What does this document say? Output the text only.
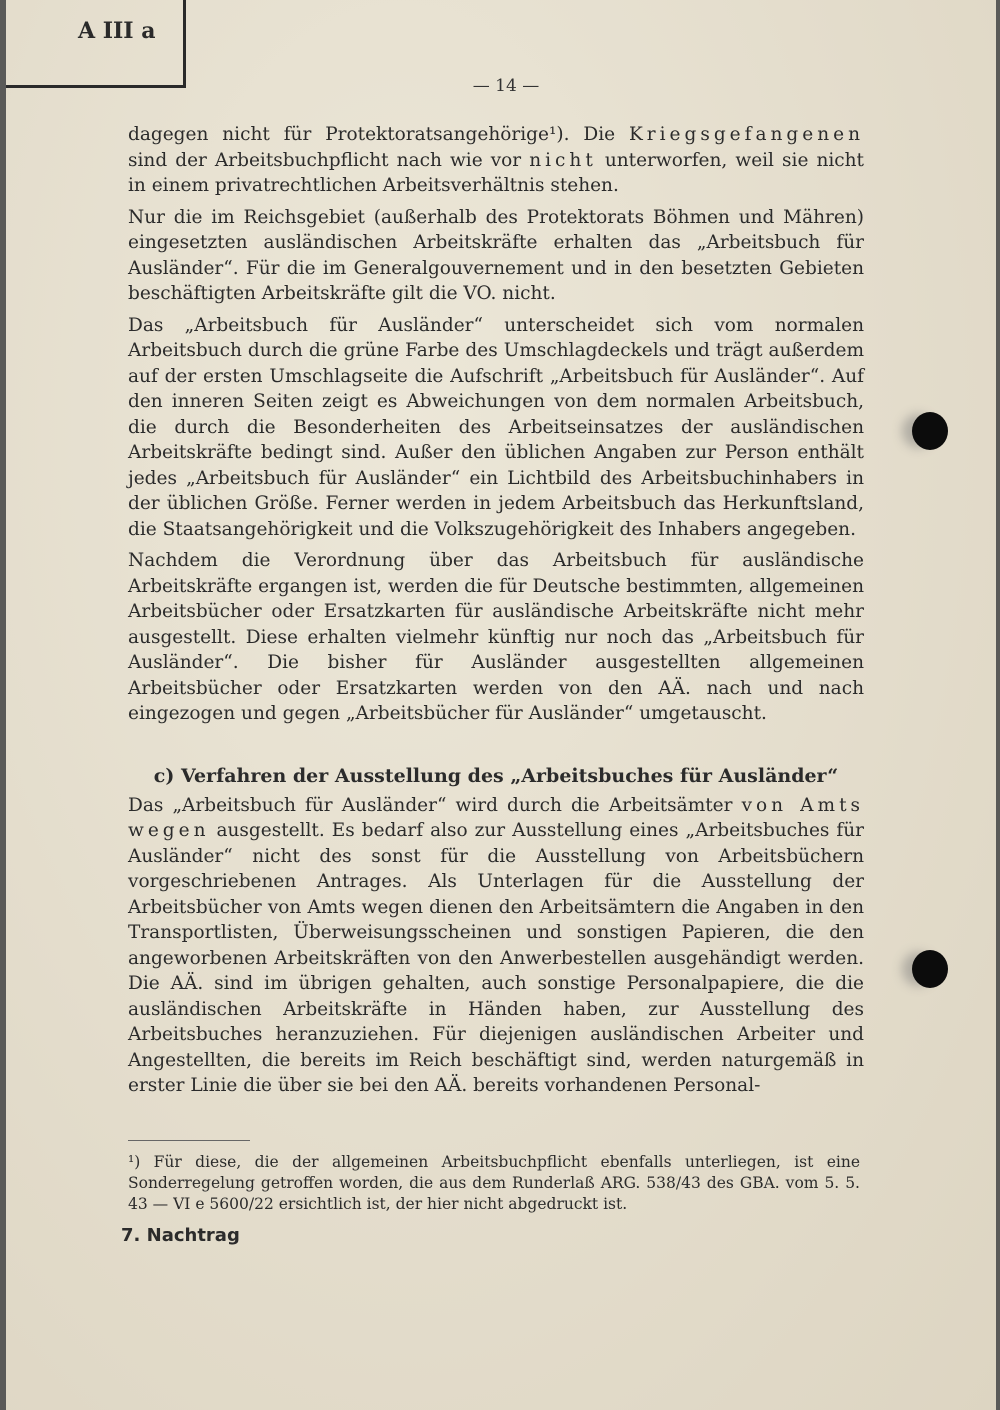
A III a
— 14 —

dagegen nicht für Protektoratsangehörige¹). Die Kriegsgefangenen sind der Arbeitsbuchpflicht nach wie vor nicht unterworfen, weil sie nicht in einem privatrechtlichen Arbeitsverhältnis stehen.

Nur die im Reichsgebiet (außerhalb des Protektorats Böhmen und Mähren) eingesetzten ausländischen Arbeitskräfte erhalten das „Arbeitsbuch für Ausländer“. Für die im Generalgouvernement und in den besetzten Gebieten beschäftigten Arbeitskräfte gilt die VO. nicht.

Das „Arbeitsbuch für Ausländer“ unterscheidet sich vom normalen Arbeitsbuch durch die grüne Farbe des Umschlagdeckels und trägt außerdem auf der ersten Umschlagseite die Aufschrift „Arbeitsbuch für Ausländer“. Auf den inneren Seiten zeigt es Abweichungen von dem normalen Arbeitsbuch, die durch die Besonderheiten des Arbeitseinsatzes der ausländischen Arbeitskräfte bedingt sind. Außer den üblichen Angaben zur Person enthält jedes „Arbeitsbuch für Ausländer“ ein Lichtbild des Arbeitsbuchinhabers in der üblichen Größe. Ferner werden in jedem Arbeitsbuch das Herkunftsland, die Staatsangehörigkeit und die Volkszugehörigkeit des Inhabers angegeben.

Nachdem die Verordnung über das Arbeitsbuch für ausländische Arbeitskräfte ergangen ist, werden die für Deutsche bestimmten, allgemeinen Arbeitsbücher oder Ersatzkarten für ausländische Arbeitskräfte nicht mehr ausgestellt. Diese erhalten vielmehr künftig nur noch das „Arbeitsbuch für Ausländer“. Die bisher für Ausländer ausgestellten allgemeinen Arbeitsbücher oder Ersatzkarten werden von den AÄ. nach und nach eingezogen und gegen „Arbeitsbücher für Ausländer“ umgetauscht.

c) Verfahren der Ausstellung des „Arbeitsbuches für Ausländer“

Das „Arbeitsbuch für Ausländer“ wird durch die Arbeitsämter von Amts wegen ausgestellt. Es bedarf also zur Ausstellung eines „Arbeitsbuches für Ausländer“ nicht des sonst für die Ausstellung von Arbeitsbüchern vorgeschriebenen Antrages. Als Unterlagen für die Ausstellung der Arbeitsbücher von Amts wegen dienen den Arbeitsämtern die Angaben in den Transportlisten, Überweisungsscheinen und sonstigen Papieren, die den angeworbenen Arbeitskräften von den Anwerbestellen ausgehändigt werden. Die AÄ. sind im übrigen gehalten, auch sonstige Personalpapiere, die die ausländischen Arbeitskräfte in Händen haben, zur Ausstellung des Arbeitsbuches heranzuziehen. Für diejenigen ausländischen Arbeiter und Angestellten, die bereits im Reich beschäftigt sind, werden naturgemäß in erster Linie die über sie bei den AÄ. bereits vorhandenen Personal-

¹) Für diese, die der allgemeinen Arbeitsbuchpflicht ebenfalls unterliegen, ist eine Sonderregelung getroffen worden, die aus dem Runderlaß ARG. 538/43 des GBA. vom 5. 5. 43 — VI e 5600/22 ersichtlich ist, der hier nicht abgedruckt ist.
7. Nachtrag
